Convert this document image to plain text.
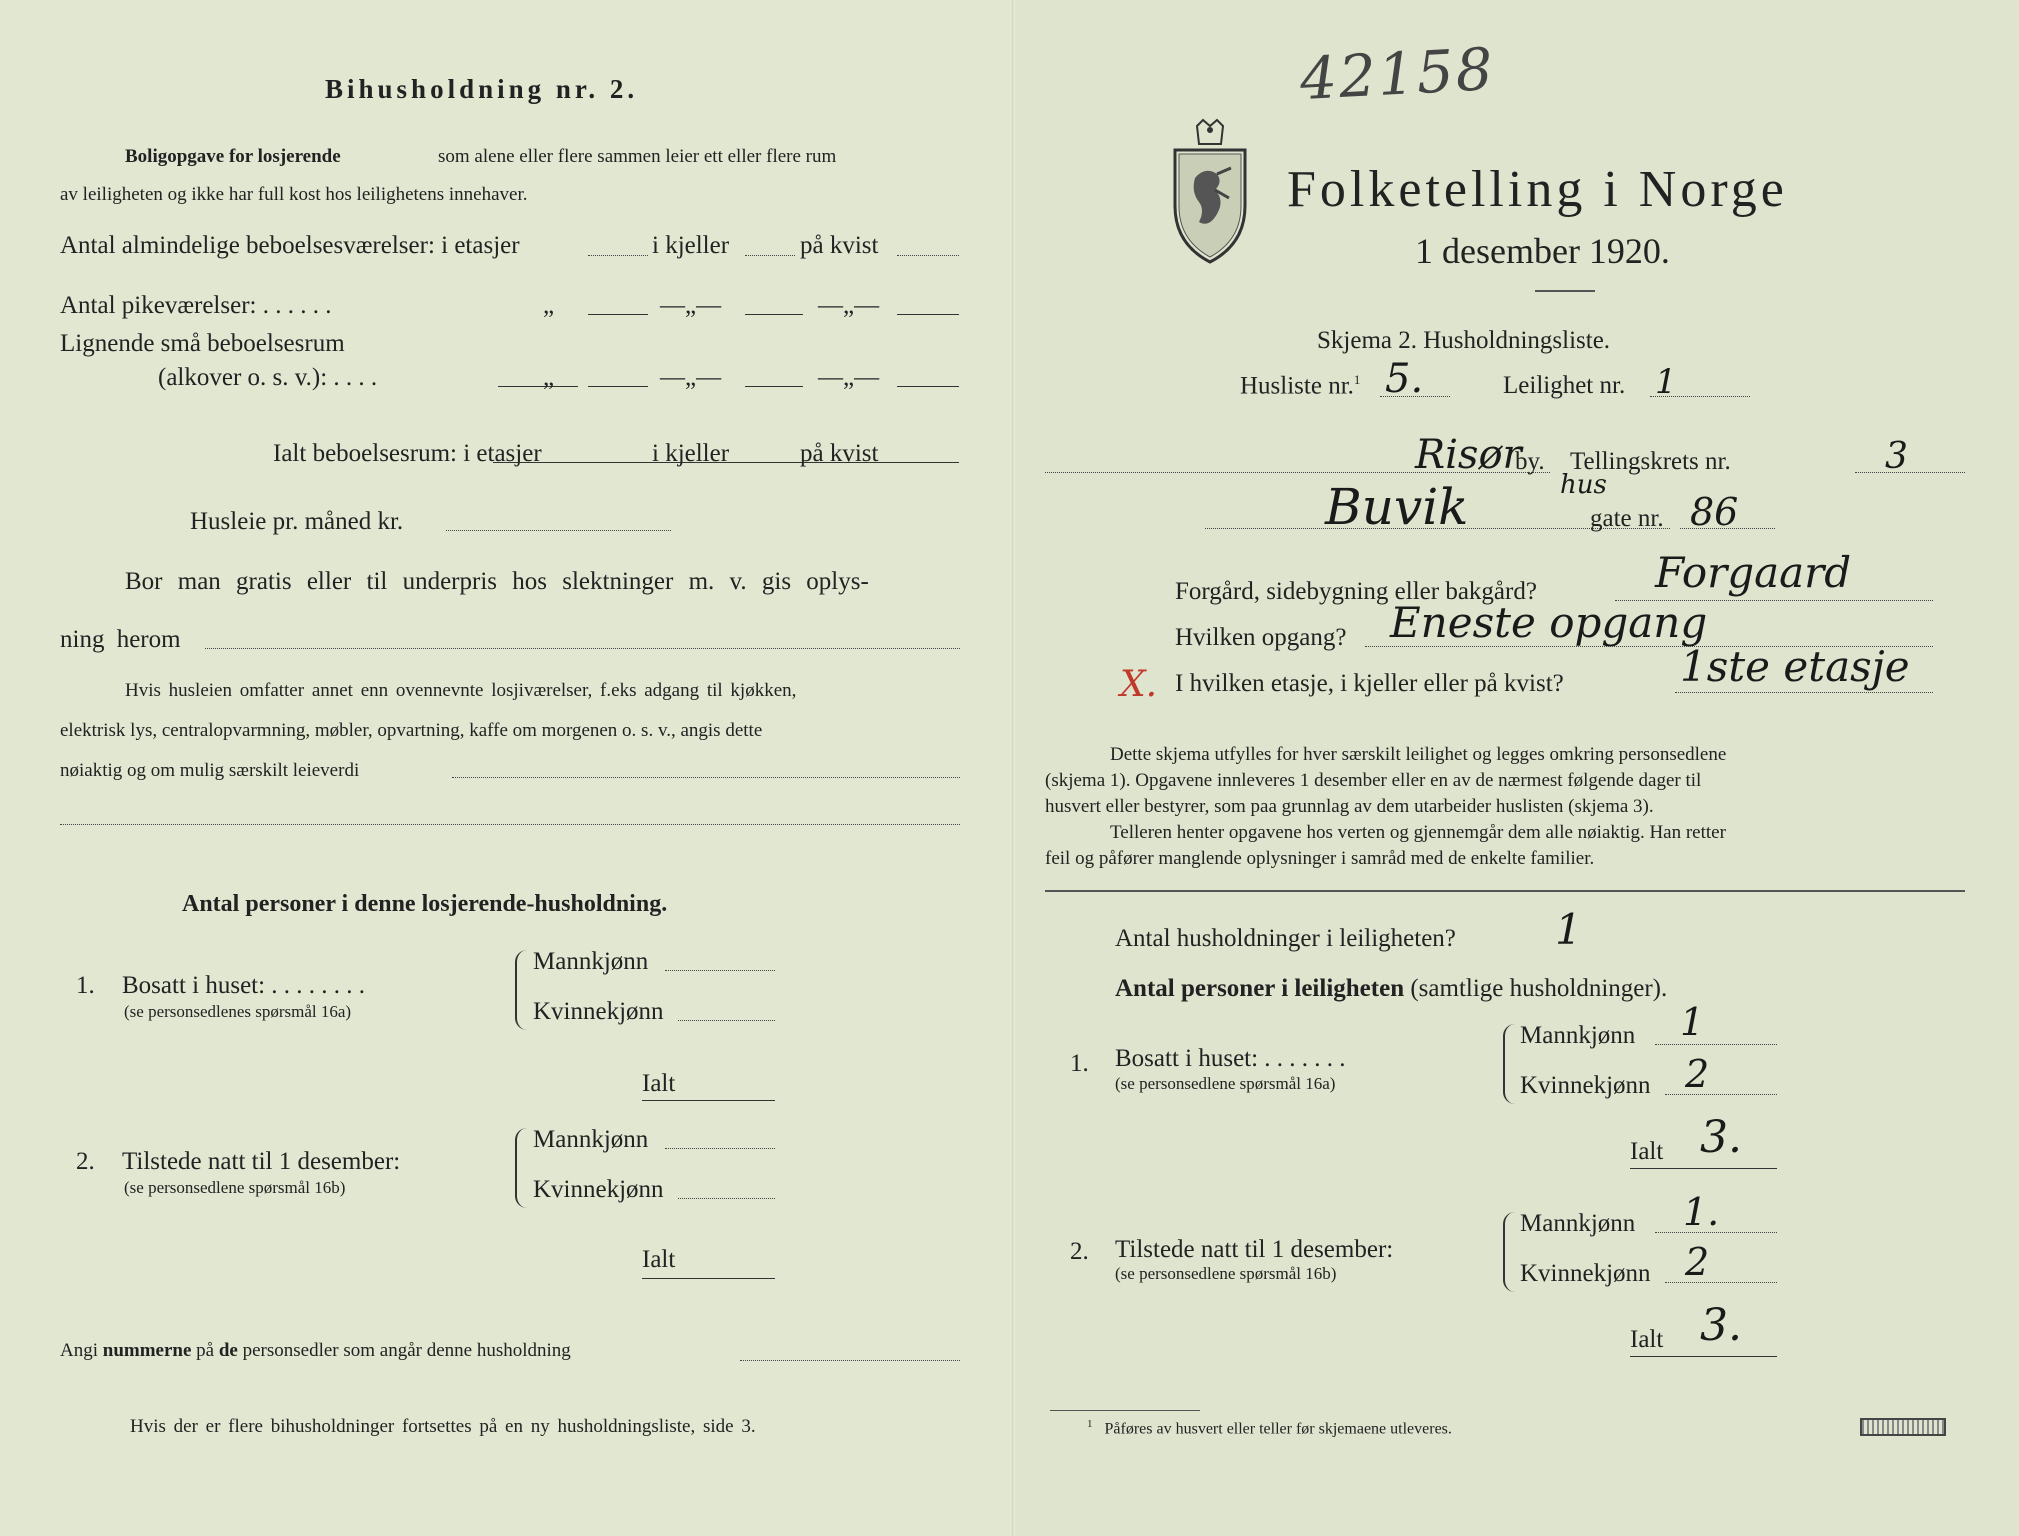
Bihusholdning nr. 2.
Boligopgave for losjerende	som alene eller flere sammen leier ett eller flere rum
av leiligheten og ikke har full kost hos leilighetens innehaver.
Antal almindelige beboelsesværelser: i etasjer	i kjeller	på kvist
Antal pikeværelser: . . . . . .	„	—„—	—„—
Lignende små beboelsesrum
(alkover o. s. v.): . . . .	„	—„—	—„—
Ialt beboelsesrum: i etasjer	i kjeller	på kvist
Husleie pr. måned kr.
Bor man gratis eller til underpris hos slektninger m. v. gis oplys-
ning herom
Hvis husleien omfatter annet enn ovennevnte losjiværelser, f.eks adgang til kjøkken,
elektrisk lys, centralopvarmning, møbler, opvartning, kaffe om morgenen o. s. v., angis dette
nøiaktig og om mulig særskilt leieverdi
Antal personer i denne losjerende-husholdning.
1. Bosatt i huset: . . . . . . . .
(se personsedlenes spørsmål 16a)
Mannkjønn
Kvinnekjønn
Ialt
2. Tilstede natt til 1 desember:
(se personsedlene spørsmål 16b)
Mannkjønn
Kvinnekjønn
Ialt
Angi nummerne på de personsedler som angår denne husholdning
Hvis der er flere bihusholdninger fortsettes på en ny husholdningsliste, side 3.
42158
Folketelling i Norge
1 desember 1920.
Skjema 2. Husholdningsliste.
Husliste nr.$^1$ 5.	Leilighet nr. 1
Risør
by. Tellingskrets nr.	3
Buvik	hus
gate nr. 86
Forgård, sidebygning eller bakgård?	Forgaard
Hvilken opgang? Eneste opgang
X. I hvilken etasje, i kjeller eller på kvist?	1ste etasje
Dette skjema utfylles for hver særskilt leilighet og legges omkring personsedlene
(skjema 1). Opgavene innleveres 1 desember eller en av de nærmest følgende dager til
husvert eller bestyrer, som paa grunnlag av dem utarbeider huslisten (skjema 3).
Telleren henter opgavene hos verten og gjennemgår dem alle nøiaktig. Han retter
feil og påfører manglende oplysninger i samråd med de enkelte familier.
Antal husholdninger i leiligheten? 1
Antal personer i leiligheten (samtlige husholdninger).
1. Bosatt i huset: . . . . . . .
(se personsedlene spørsmål 16a)
Mannkjønn 1
Kvinnekjønn 2
Ialt 3.
2. Tilstede natt til 1 desember:
(se personsedlene spørsmål 16b)
Mannkjønn 1.
Kvinnekjønn 2
Ialt 3.
$^1$ Påføres av husvert eller teller før skjemaene utleveres.
